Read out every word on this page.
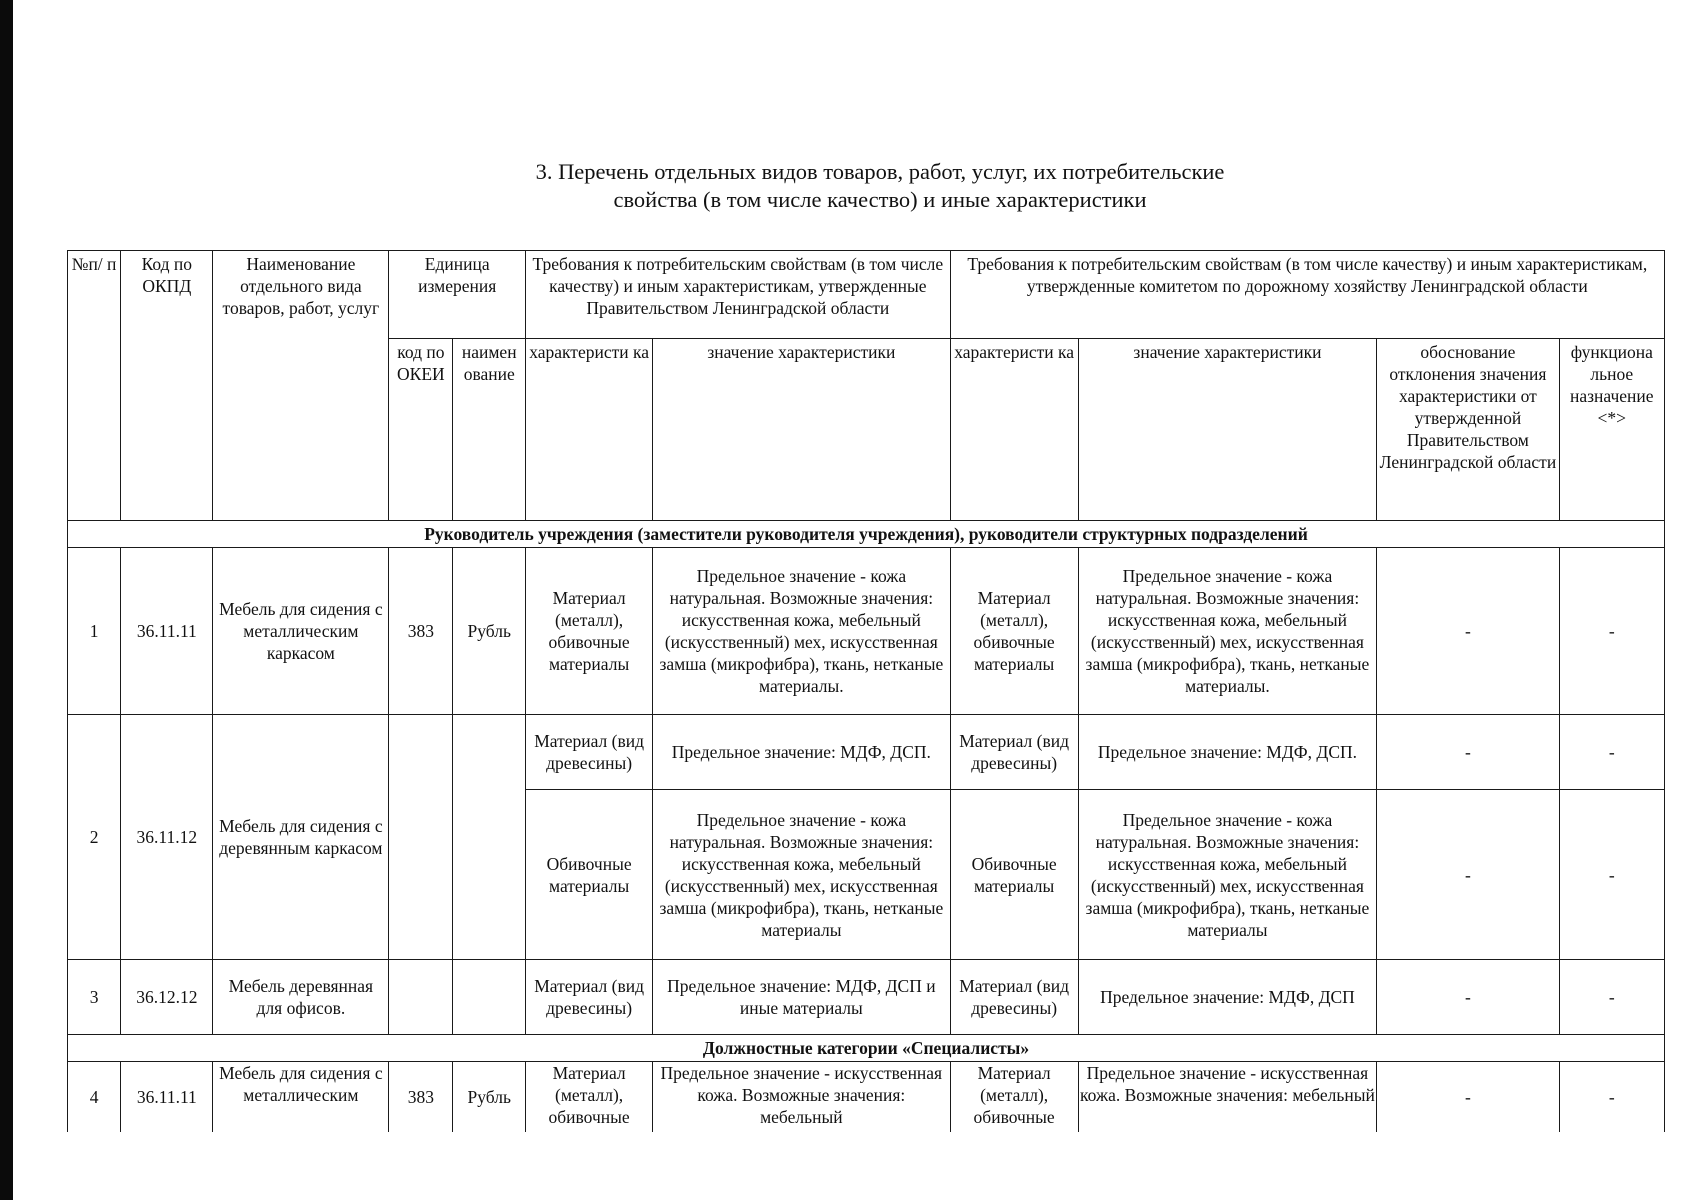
3. Перечень отдельных видов товаров, работ, услуг, их потребительские
свойства (в том числе качество) и иные характеристики
№п/ п	Код по ОКПД	Наименование отдельного вида товаров, работ, услуг	Единица измерения		Требования к потребительским свойствам (в том числе качеству) и иным характеристикам, утвержденные Правительством Ленинградской области		Требования к потребительским свойствам (в том числе качеству) и иным характеристикам, утвержденные комитетом по дорожному хозяйству Ленинградской области			
			код по ОКЕИ	наимен ование	характеристи ка	значение характеристики	характеристи ка	значение характеристики	обоснование отклонения значения характеристики от утвержденной Правительством Ленинградской области	функциона льное назначение <*>
Руководитель учреждения (заместители руководителя учреждения), руководители структурных подразделений										
1	36.11.11	Мебель для сидения с металлическим каркасом	383	Рубль	Материал (металл), обивочные материалы	Предельное значение - кожа натуральная. Возможные значения: искусственная кожа, мебельный (искусственный) мех, искусственная замша (микрофибра), ткань, нетканые материалы.	Материал (металл), обивочные материалы	Предельное значение - кожа натуральная. Возможные значения: искусственная кожа, мебельный (искусственный) мех, искусственная замша (микрофибра), ткань, нетканые материалы.	-	-
2	36.11.12	Мебель для сидения с деревянным каркасом			Материал (вид древесины)	Предельное значение: МДФ, ДСП.	Материал (вид древесины)	Предельное значение: МДФ, ДСП.	-	-
					Обивочные материалы	Предельное значение - кожа натуральная. Возможные значения: искусственная кожа, мебельный (искусственный) мех, искусственная замша (микрофибра), ткань, нетканые материалы	Обивочные материалы	Предельное значение - кожа натуральная. Возможные значения: искусственная кожа, мебельный (искусственный) мех, искусственная замша (микрофибра), ткань, нетканые материалы	-	-
3	36.12.12	Мебель деревянная для офисов.			Материал (вид древесины)	Предельное значение: МДФ, ДСП и иные материалы	Материал (вид древесины)	Предельное значение: МДФ, ДСП	-	-
Должностные категории «Специалисты»										
4	36.11.11	Мебель для сидения с металлическим	383	Рубль	Материал (металл), обивочные	Предельное значение - искусственная кожа. Возможные значения: мебельный	Материал (металл), обивочные	Предельное значение - искусственная кожа. Возможные значения: мебельный	-	-
